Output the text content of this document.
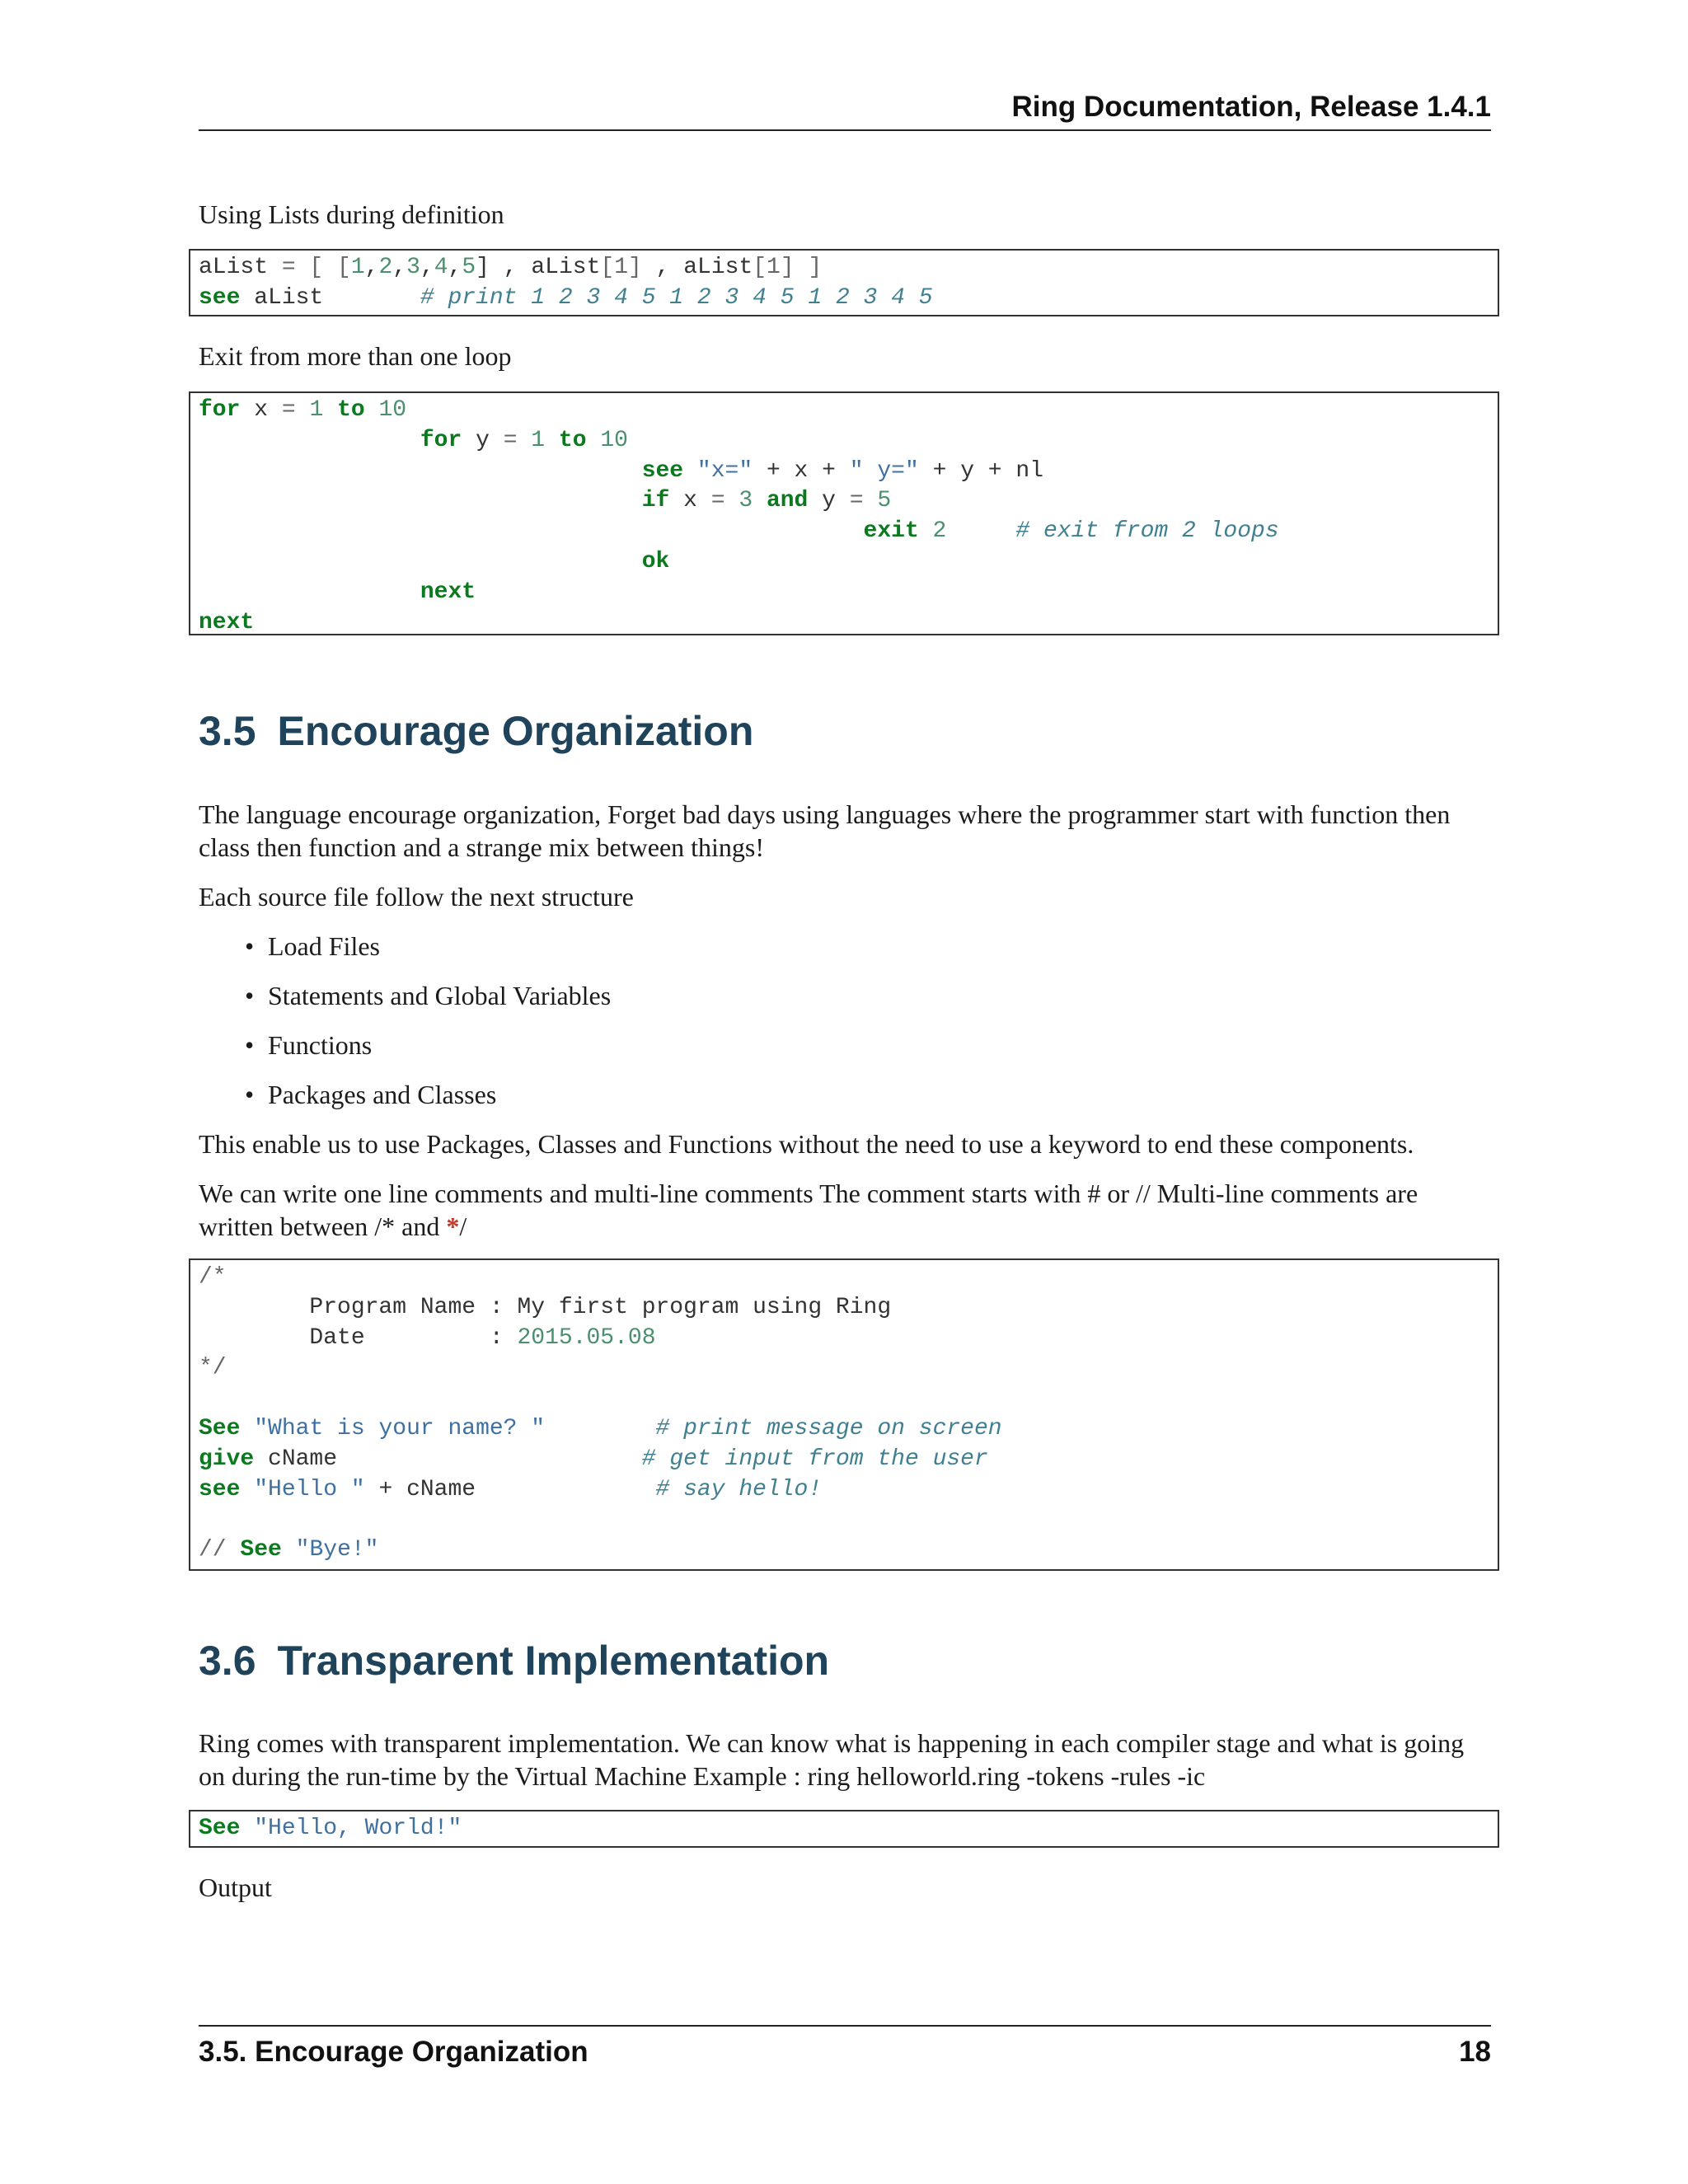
Ring Documentation, Release 1.4.1

Using Lists during definition

aList = [ [1,2,3,4,5] , aList[1] , aList[1] ]
see aList       # print 1 2 3 4 5 1 2 3 4 5 1 2 3 4 5

Exit from more than one loop

for x = 1 to 10
for y = 1 to 10
see "x=" + x + " y=" + y + nl
if x = 3 and y = 5
exit 2	# exit from 2 loops
ok
next
next
3.5 Encourage Organization

The language encourage organization, Forget bad days using languages where the programmer start with function then class then function and a strange mix between things!

Each source file follow the next structure

• Load Files
• Statements and Global Variables
• Functions
• Packages and Classes

This enable us to use Packages, Classes and Functions without the need to use a keyword to end these components.

We can write one line comments and multi-line comments The comment starts with # or // Multi-line comments are written between /* and */

/*
Program Name : My first program using Ring
Date         : 2015.05.08
*/

See "What is your name? "	# print message on screen
give cName	# get input from the user
see "Hello " + cName	# say hello!

// See "Bye!"
3.6 Transparent Implementation

Ring comes with transparent implementation. We can know what is happening in each compiler stage and what is going on during the run-time by the Virtual Machine Example : ring helloworld.ring -tokens -rules -ic

See "Hello, World!"

Output

3.5. Encourage Organization	18
